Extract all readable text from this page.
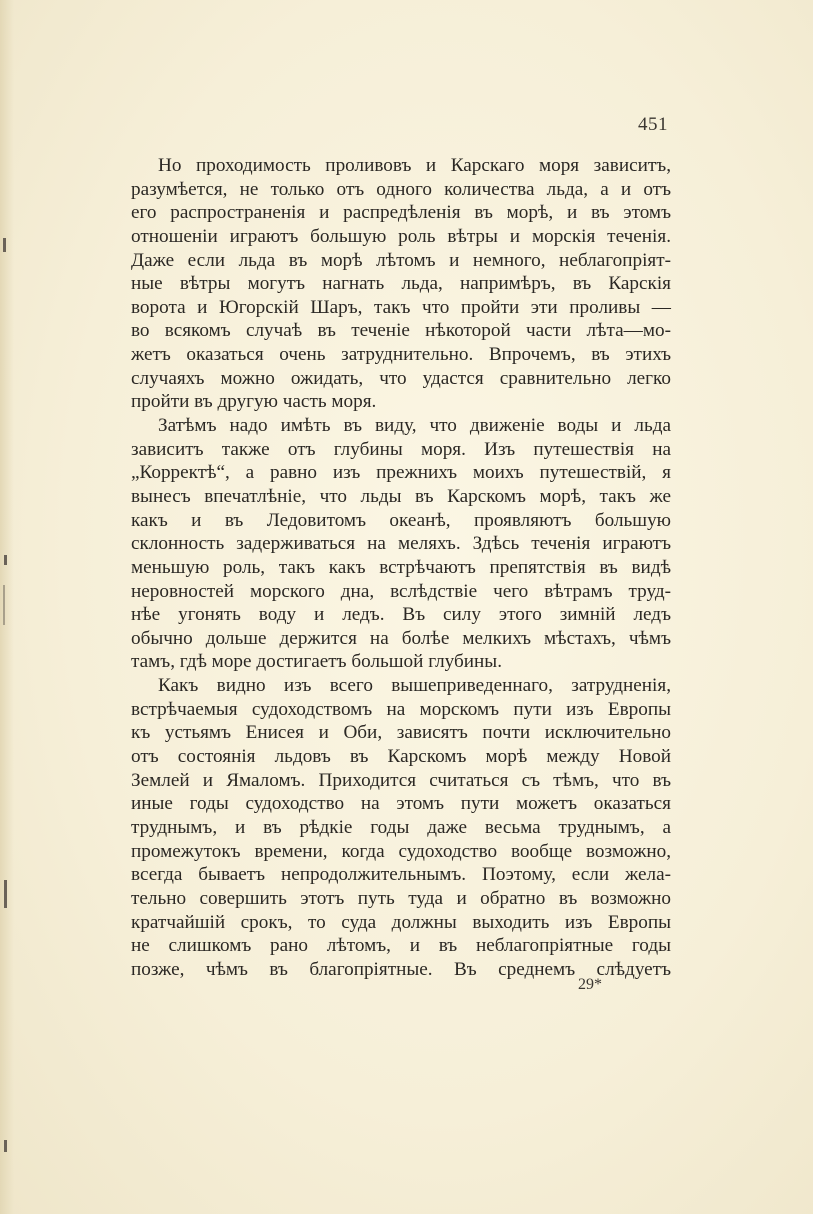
451
Но проходимость проливовъ и Карскаго моря зависитъ,
разумѣется, не только отъ одного количества льда, а и отъ
его распространенія и распредѣленія въ морѣ, и въ этомъ
отношеніи играютъ большую роль вѣтры и морскія теченія.
Даже если льда въ морѣ лѣтомъ и немного, неблагопріят-
ные вѣтры могутъ нагнать льда, напримѣръ, въ Карскія
ворота и Югорскій Шаръ, такъ что пройти эти проливы —
во всякомъ случаѣ въ теченіе нѣкоторой части лѣта—мо-
жетъ оказаться очень затруднительно. Впрочемъ, въ этихъ
случаяхъ можно ожидать, что удастся сравнительно легко
пройти въ другую часть моря.
Затѣмъ надо имѣть въ виду, что движеніе воды и льда
зависитъ также отъ глубины моря. Изъ путешествія на
„Корректѣ“, а равно изъ прежнихъ моихъ путешествій, я
вынесъ впечатлѣніе, что льды въ Карскомъ морѣ, такъ же
какъ и въ Ледовитомъ океанѣ, проявляютъ большую
склонность задерживаться на меляхъ. Здѣсь теченія играютъ
меньшую роль, такъ какъ встрѣчаютъ препятствія въ видѣ
неровностей морского дна, вслѣдствіе чего вѣтрамъ труд-
нѣе угонять воду и ледъ. Въ силу этого зимній ледъ
обычно дольше держится на болѣе мелкихъ мѣстахъ, чѣмъ
тамъ, гдѣ море достигаетъ большой глубины.
Какъ видно изъ всего вышеприведеннаго, затрудненія,
встрѣчаемыя судоходствомъ на морскомъ пути изъ Европы
къ устьямъ Енисея и Оби, зависятъ почти исключительно
отъ состоянія льдовъ въ Карскомъ морѣ между Новой
Землей и Ямаломъ. Приходится считаться съ тѣмъ, что въ
иные годы судоходство на этомъ пути можетъ оказаться
труднымъ, и въ рѣдкіе годы даже весьма труднымъ, а
промежутокъ времени, когда судоходство вообще возможно,
всегда бываетъ непродолжительнымъ. Поэтому, если жела-
тельно совершить этотъ путь туда и обратно въ возможно
кратчайшій срокъ, то суда должны выходить изъ Европы
не слишкомъ рано лѣтомъ, и въ неблагопріятные годы
позже, чѣмъ въ благопріятные. Въ среднемъ слѣдуетъ
29*
